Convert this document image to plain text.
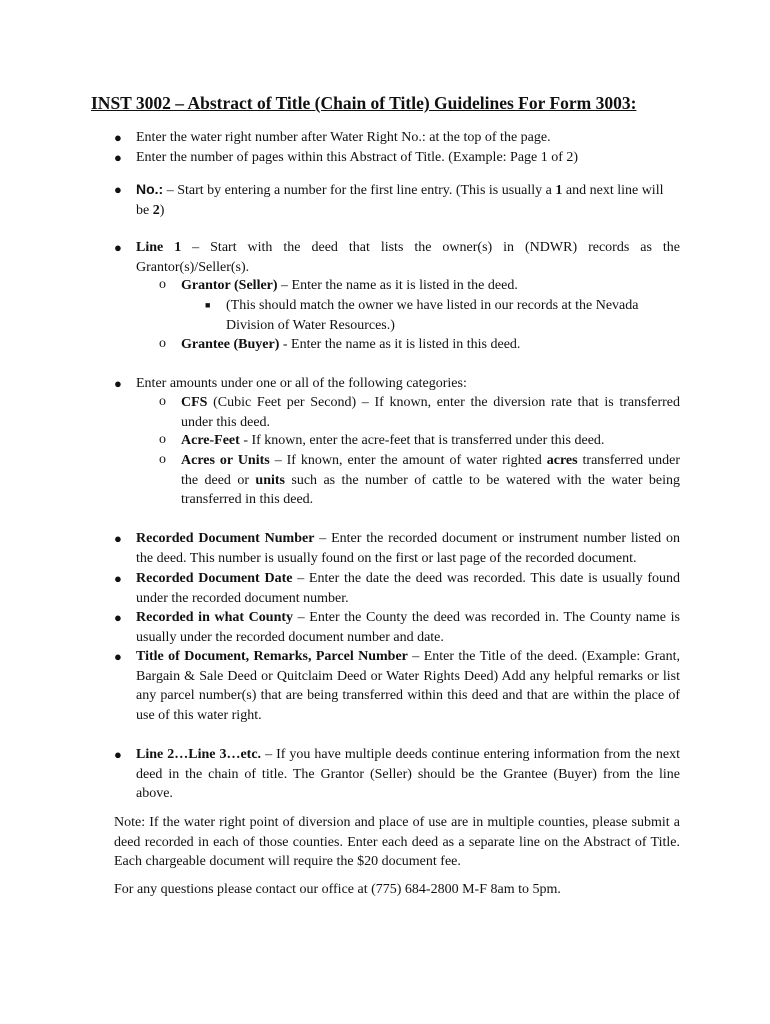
INST 3002 – Abstract of Title (Chain of Title) Guidelines For Form 3003:
● Enter the water right number after Water Right No.: at the top of the page.
● Enter the number of pages within this Abstract of Title. (Example: Page 1 of 2)
● No.: – Start by entering a number for the first line entry. (This is usually a 1 and next line will be 2)
● Line 1 – Start with the deed that lists the owner(s) in (NDWR) records as the Grantor(s)/Seller(s).
o Grantor (Seller) – Enter the name as it is listed in the deed.
■ (This should match the owner we have listed in our records at the Nevada Division of Water Resources.)
o Grantee (Buyer) - Enter the name as it is listed in this deed.
● Enter amounts under one or all of the following categories:
o CFS (Cubic Feet per Second) – If known, enter the diversion rate that is transferred under this deed.
o Acre-Feet - If known, enter the acre-feet that is transferred under this deed.
o Acres or Units – If known, enter the amount of water righted acres transferred under the deed or units such as the number of cattle to be watered with the water being transferred in this deed.
● Recorded Document Number – Enter the recorded document or instrument number listed on the deed. This number is usually found on the first or last page of the recorded document.
● Recorded Document Date – Enter the date the deed was recorded. This date is usually found under the recorded document number.
● Recorded in what County – Enter the County the deed was recorded in. The County name is usually under the recorded document number and date.
● Title of Document, Remarks, Parcel Number – Enter the Title of the deed. (Example: Grant, Bargain & Sale Deed or Quitclaim Deed or Water Rights Deed) Add any helpful remarks or list any parcel number(s) that are being transferred within this deed and that are within the place of use of this water right.
● Line 2…Line 3…etc. – If you have multiple deeds continue entering information from the next deed in the chain of title. The Grantor (Seller) should be the Grantee (Buyer) from the line above.

Note: If the water right point of diversion and place of use are in multiple counties, please submit a deed recorded in each of those counties. Enter each deed as a separate line on the Abstract of Title. Each chargeable document will require the $20 document fee.

For any questions please contact our office at (775) 684-2800 M-F 8am to 5pm.
